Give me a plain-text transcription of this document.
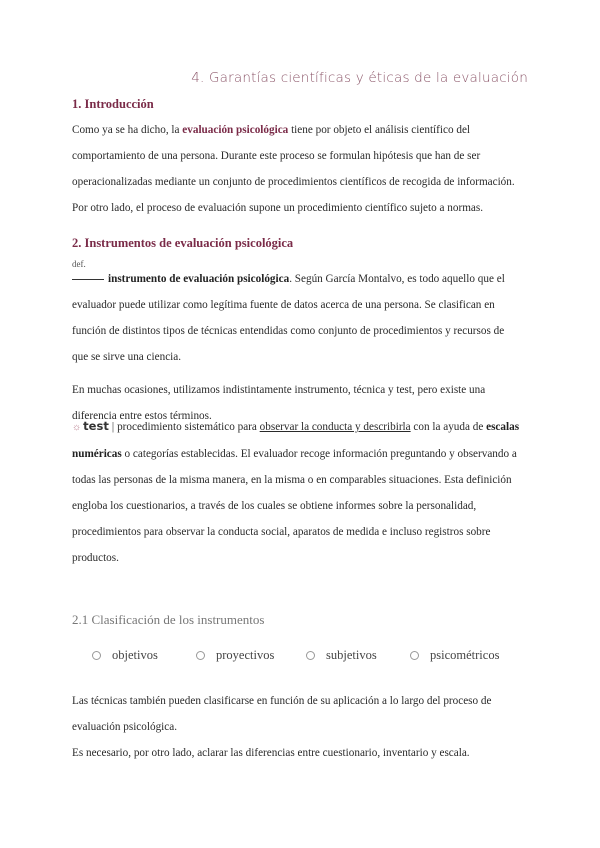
4. Garantías científicas y éticas de la evaluación
1. Introducción
Como ya se ha dicho, la evaluación psicológica tiene por objeto el análisis científico del comportamiento de una persona. Durante este proceso se formulan hipótesis que han de ser operacionalizadas mediante un conjunto de procedimientos científicos de recogida de información. Por otro lado, el proceso de evaluación supone un procedimiento científico sujeto a normas.
2. Instrumentos de evaluación psicológica
def.
instrumento de evaluación psicológica. Según García Montalvo, es todo aquello que el evaluador puede utilizar como legítima fuente de datos acerca de una persona. Se clasifican en función de distintos tipos de técnicas entendidas como conjunto de procedimientos y recursos de que se sirve una ciencia.
En muchas ocasiones, utilizamos indistintamente instrumento, técnica y test, pero existe una diferencia entre estos términos.
☼ test | procedimiento sistemático para observar la conducta y describirla con la ayuda de escalas numéricas o categorías establecidas. El evaluador recoge información preguntando y observando a todas las personas de la misma manera, en la misma o en comparables situaciones. Esta definición engloba los cuestionarios, a través de los cuales se obtiene informes sobre la personalidad, procedimientos para observar la conducta social, aparatos de medida e incluso registros sobre productos.
2.1 Clasificación de los instrumentos
objetivos	proyectivos	subjetivos	psicométricos
Las técnicas también pueden clasificarse en función de su aplicación a lo largo del proceso de evaluación psicológica.
Es necesario, por otro lado, aclarar las diferencias entre cuestionario, inventario y escala.
